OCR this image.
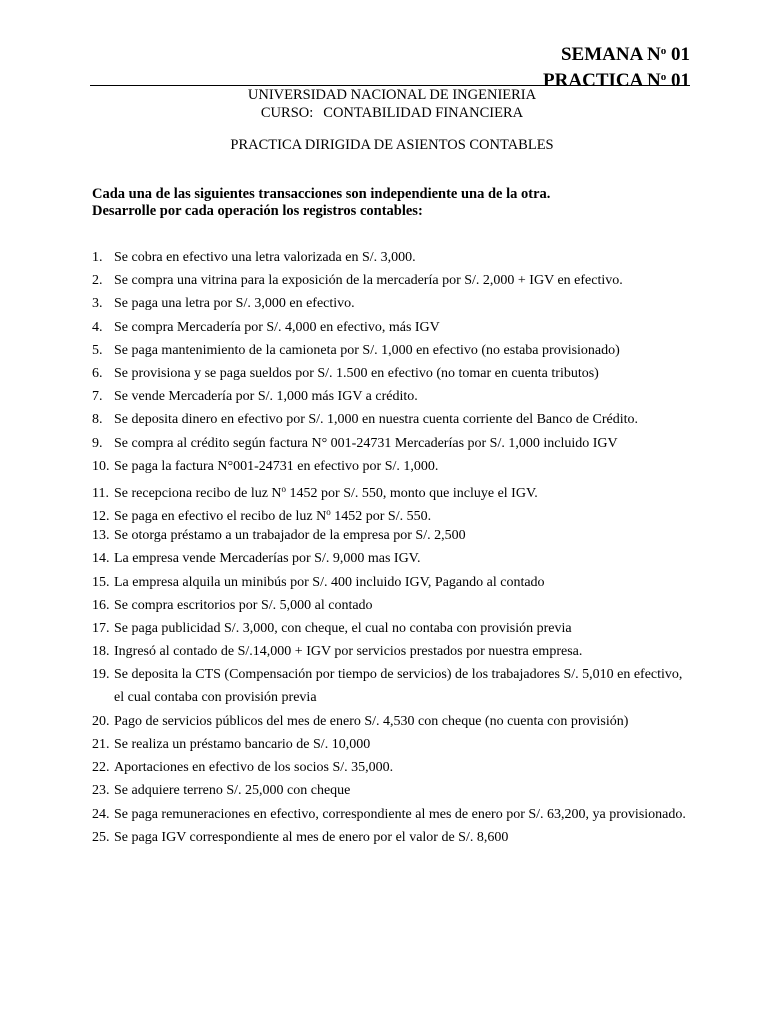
SEMANA $N^o$ 01
PRACTICA $N^o$ 01
UNIVERSIDAD NACIONAL DE INGENIERIA
CURSO: CONTABILIDAD FINANCIERA
PRACTICA DIRIGIDA DE ASIENTOS CONTABLES
Cada una de las siguientes transacciones son independiente una de la otra.
Desarrolle por cada operación los registros contables:
1. Se cobra en efectivo una letra valorizada en S/. 3,000.
2. Se compra una vitrina para la exposición de la mercadería por S/. 2,000 + IGV en efectivo.
3. Se paga una letra por S/. 3,000 en efectivo.
4. Se compra Mercadería por S/. 4,000 en efectivo, más IGV
5. Se paga mantenimiento de la camioneta por S/. 1,000 en efectivo (no estaba provisionado)
6. Se provisiona y se paga sueldos por S/. 1.500 en efectivo (no tomar en cuenta tributos)
7. Se vende Mercadería por S/. 1,000 más IGV a crédito.
8. Se deposita dinero en efectivo por S/. 1,000 en nuestra cuenta corriente del Banco de Crédito.
9. Se compra al crédito según factura N° 001-24731 Mercaderías por S/. 1,000 incluido IGV
10. Se paga la factura N°001-24731 en efectivo por S/. 1,000.
11. Se recepciona recibo de luz $N^o$ 1452 por S/. 550, monto que incluye el IGV.
12. Se paga en efectivo el recibo de luz $N^o$ 1452 por S/. 550.
13. Se otorga préstamo a un trabajador de la empresa por S/. 2,500
14. La empresa vende Mercaderías por S/. 9,000 mas IGV.
15. La empresa alquila un minibús por S/. 400 incluido IGV, Pagando al contado
16. Se compra escritorios por S/. 5,000 al contado
17. Se paga publicidad S/. 3,000, con cheque, el cual no contaba con provisión previa
18. Ingresó al contado de S/.14,000 + IGV por servicios prestados por nuestra empresa.
19. Se deposita la CTS (Compensación por tiempo de servicios) de los trabajadores S/. 5,010 en efectivo,
el cual contaba con provisión previa
20. Pago de servicios públicos del mes de enero S/. 4,530 con cheque (no cuenta con provisión)
21. Se realiza un préstamo bancario de S/. 10,000
22. Aportaciones en efectivo de los socios S/. 35,000.
23. Se adquiere terreno S/. 25,000 con cheque
24. Se paga remuneraciones en efectivo, correspondiente al mes de enero por S/. 63,200, ya provisionado.
25. Se paga IGV correspondiente al mes de enero por el valor de S/. 8,600
